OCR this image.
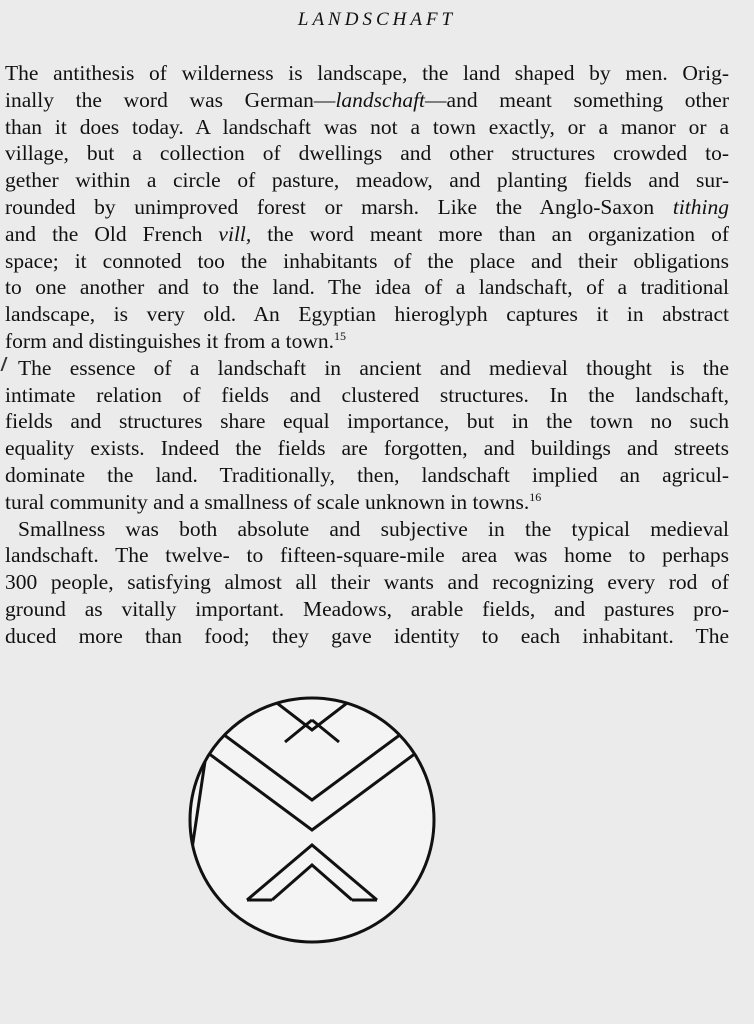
LANDSCHAFT
The antithesis of wilderness is landscape, the land shaped by men. Orig-
inally the word was German—landschaft—and meant something other
than it does today. A landschaft was not a town exactly, or a manor or a
village, but a collection of dwellings and other structures crowded to-
gether within a circle of pasture, meadow, and planting fields and sur-
rounded by unimproved forest or marsh. Like the Anglo-Saxon tithing
and the Old French vill, the word meant more than an organization of
space; it connoted too the inhabitants of the place and their obligations
to one another and to the land. The idea of a landschaft, of a traditional
landscape, is very old. An Egyptian hieroglyph captures it in abstract
form and distinguishes it from a town.$^{15}$
The essence of a landschaft in ancient and medieval thought is the
intimate relation of fields and clustered structures. In the landschaft,
fields and structures share equal importance, but in the town no such
equality exists. Indeed the fields are forgotten, and buildings and streets
dominate the land. Traditionally, then, landschaft implied an agricul-
tural community and a smallness of scale unknown in towns.$^{16}$
Smallness was both absolute and subjective in the typical medieval
landschaft. The twelve- to fifteen-square-mile area was home to perhaps
300 people, satisfying almost all their wants and recognizing every rod of
ground as vitally important. Meadows, arable fields, and pastures pro-
duced more than food; they gave identity to each inhabitant. The
